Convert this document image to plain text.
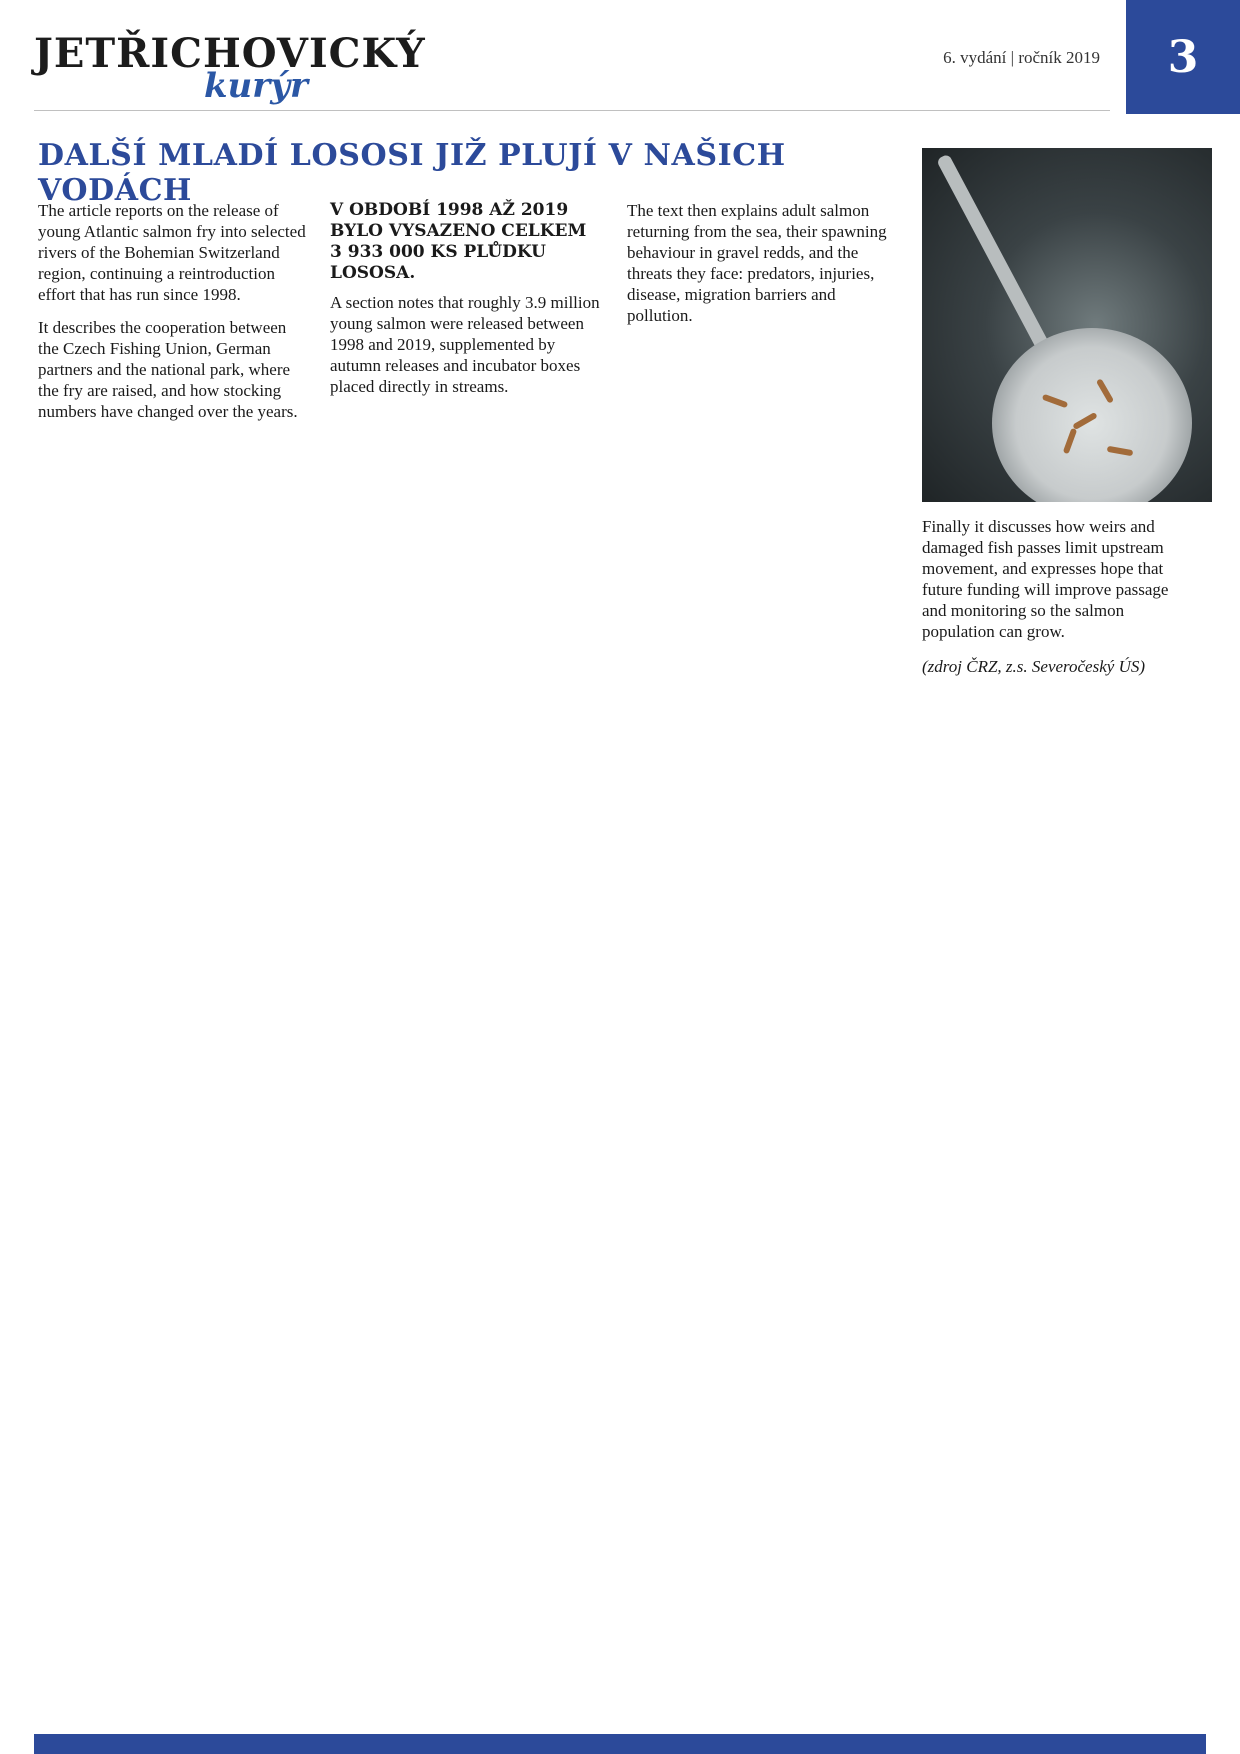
JETŘICHOVICKÝ
kurýr
6. vydání | ročník 2019 3
DALŠÍ MLADÍ LOSOSI JIŽ PLUJÍ V NAŠICH VODÁCH

The article reports on the release of young Atlantic salmon fry into selected rivers of the Bohemian Switzerland region, continuing a reintroduction effort that has run since 1998.

It describes the cooperation between the Czech Fishing Union, German partners and the national park, where the fry are raised, and how stocking numbers have changed over the years.

V OBDOBÍ 1998 AŽ 2019 BYLO VYSAZENO CELKEM 3 933 000 KS PLŮDKU LOSOSA.

A section notes that roughly 3.9 million young salmon were released between 1998 and 2019, supplemented by autumn releases and incubator boxes placed directly in streams.

The text then explains adult salmon returning from the sea, their spawning behaviour in gravel redds, and the threats they face: predators, injuries, disease, migration barriers and pollution.

Finally it discusses how weirs and damaged fish passes limit upstream movement, and expresses hope that future funding will improve passage and monitoring so the salmon population can grow.

(zdroj ČRZ, z.s. Severočeský ÚS)
